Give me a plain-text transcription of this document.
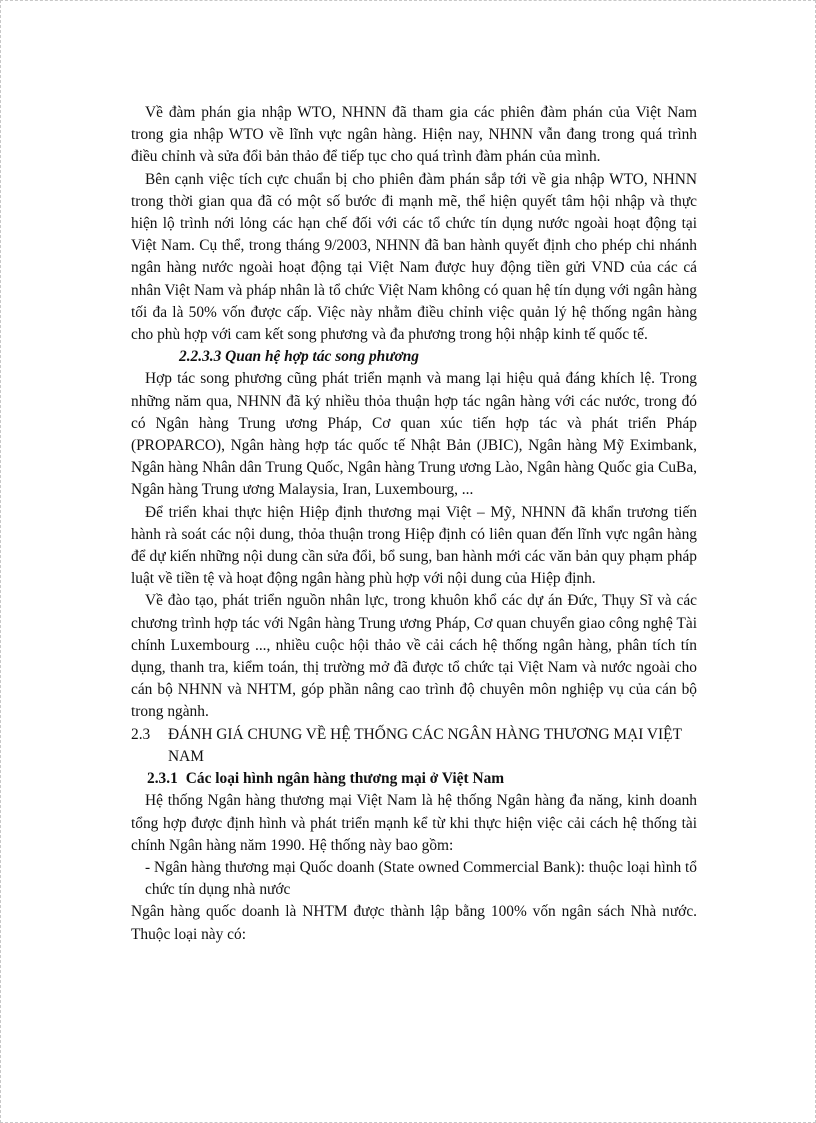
Về đàm phán gia nhập WTO, NHNN đã tham gia các phiên đàm phán của Việt Nam trong gia nhập WTO về lĩnh vực ngân hàng. Hiện nay, NHNN vẫn đang trong quá trình điều chỉnh và sửa đổi bản thảo để tiếp tục cho quá trình đàm phán của mình.

Bên cạnh việc tích cực chuẩn bị cho phiên đàm phán sắp tới về gia nhập WTO, NHNN trong thời gian qua đã có một số bước đi mạnh mẽ, thể hiện quyết tâm hội nhập và thực hiện lộ trình nới lỏng các hạn chế đối với các tổ chức tín dụng nước ngoài hoạt động tại Việt Nam. Cụ thể, trong tháng 9/2003, NHNN đã ban hành quyết định cho phép chi nhánh ngân hàng nước ngoài hoạt động tại Việt Nam được huy động tiền gửi VND của các cá nhân Việt Nam và pháp nhân là tổ chức Việt Nam không có quan hệ tín dụng với ngân hàng tối đa là 50% vốn được cấp. Việc này nhằm điều chỉnh việc quản lý hệ thống ngân hàng cho phù hợp với cam kết song phương và đa phương trong hội nhập kinh tế quốc tế.

2.2.3.3 Quan hệ hợp tác song phương

Hợp tác song phương cũng phát triển mạnh và mang lại hiệu quả đáng khích lệ. Trong những năm qua, NHNN đã ký nhiều thỏa thuận hợp tác ngân hàng với các nước, trong đó có Ngân hàng Trung ương Pháp, Cơ quan xúc tiến hợp tác và phát triển Pháp (PROPARCO), Ngân hàng hợp tác quốc tế Nhật Bản (JBIC), Ngân hàng Mỹ Eximbank, Ngân hàng Nhân dân Trung Quốc, Ngân hàng Trung ương Lào, Ngân hàng Quốc gia CuBa, Ngân hàng Trung ương Malaysia, Iran, Luxembourg, ...

Để triển khai thực hiện Hiệp định thương mại Việt – Mỹ, NHNN đã khẩn trương tiến hành rà soát các nội dung, thỏa thuận trong Hiệp định có liên quan đến lĩnh vực ngân hàng để dự kiến những nội dung cần sửa đổi, bổ sung, ban hành mới các văn bản quy phạm pháp luật về tiền tệ và hoạt động ngân hàng phù hợp với nội dung của Hiệp định.

Về đào tạo, phát triển nguồn nhân lực, trong khuôn khổ các dự án Đức, Thụy Sĩ và các chương trình hợp tác với Ngân hàng Trung ương Pháp, Cơ quan chuyển giao công nghệ Tài chính Luxembourg ..., nhiều cuộc hội thảo về cải cách hệ thống ngân hàng, phân tích tín dụng, thanh tra, kiểm toán, thị trường mở đã được tổ chức tại Việt Nam và nước ngoài cho cán bộ NHNN và NHTM, góp phần nâng cao trình độ chuyên môn nghiệp vụ của cán bộ trong ngành.

2.3	ĐÁNH GIÁ CHUNG VỀ HỆ THỐNG CÁC NGÂN HÀNG THƯƠNG MẠI VIỆT NAM

2.3.1 Các loại hình ngân hàng thương mại ở Việt Nam

Hệ thống Ngân hàng thương mại Việt Nam là hệ thống Ngân hàng đa năng, kinh doanh tổng hợp được định hình và phát triển mạnh kể từ khi thực hiện việc cải cách hệ thống tài chính Ngân hàng năm 1990. Hệ thống này bao gồm:

- Ngân hàng thương mại Quốc doanh (State owned Commercial Bank): thuộc loại hình tổ chức tín dụng nhà nước

Ngân hàng quốc doanh là NHTM được thành lập bằng 100% vốn ngân sách Nhà nước. Thuộc loại này có:
